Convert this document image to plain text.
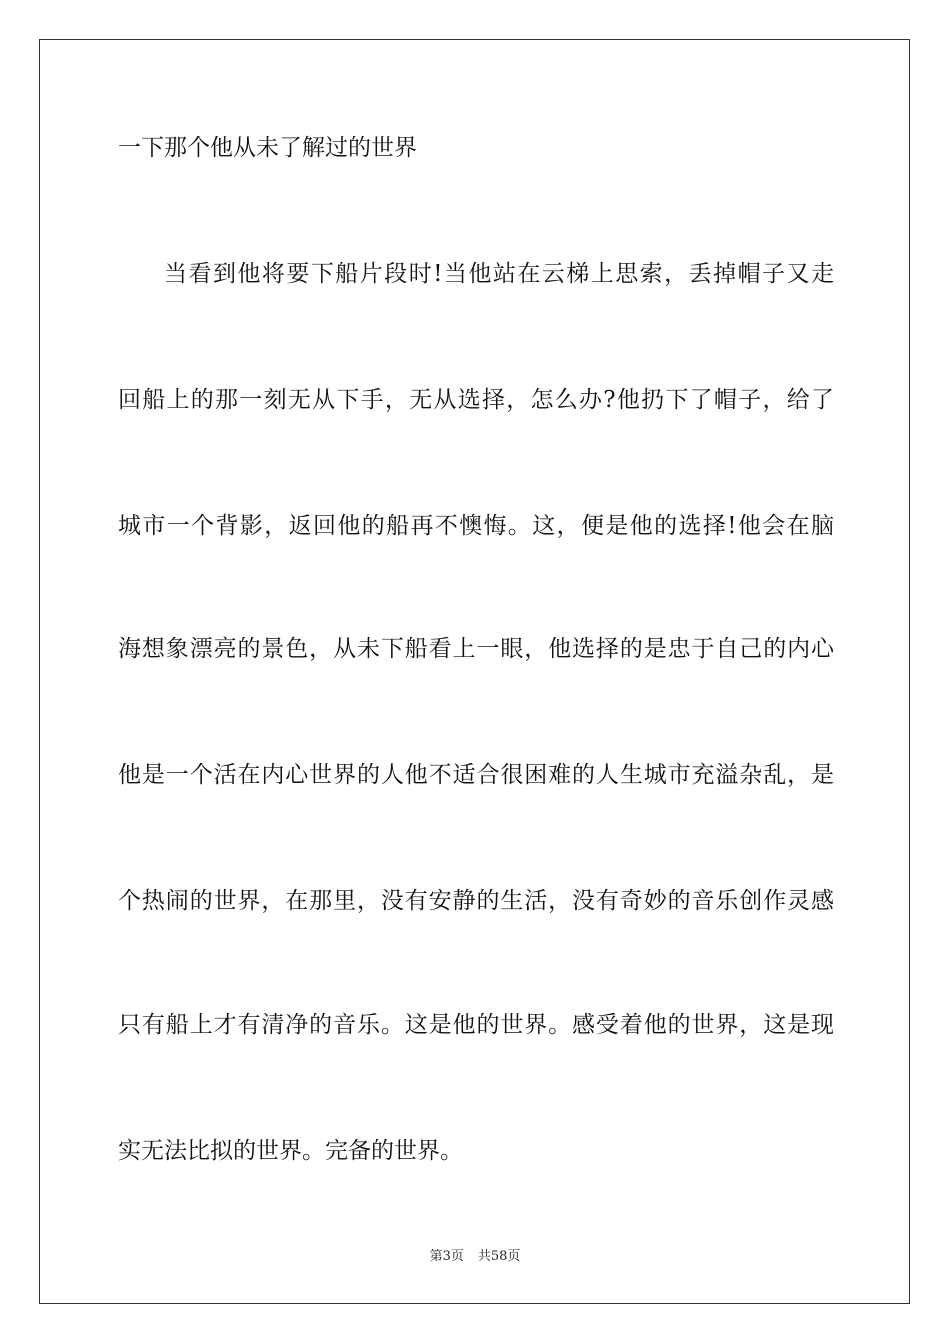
一下那个他从未了解过的世界
当看到他将要下船片段时!当他站在云梯上思索，丢掉帽子又走
回船上的那一刻无从下手，无从选择，怎么办?他扔下了帽子，给了
城市一个背影，返回他的船再不懊悔。这，便是他的选择!他会在脑
海想象漂亮的景色，从未下船看上一眼，他选择的是忠于自己的内心
他是一个活在内心世界的人他不适合很困难的人生城市充溢杂乱，是
个热闹的世界，在那里，没有安静的生活，没有奇妙的音乐创作灵感
只有船上才有清净的音乐。这是他的世界。感受着他的世界，这是现
实无法比拟的世界。完备的世界。
第3页 共58页
